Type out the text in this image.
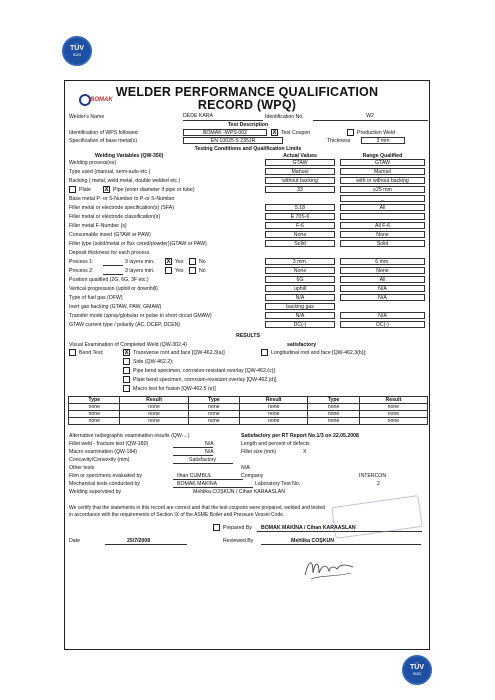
TÜV
SÜD
TÜV
SÜD
BOMAK
WELDER PERFORMANCE QUALIFICATION
RECORD (WPQ)
Welder's Name	DEDE KARA	Identification No.	W2
Test Description
Identification of WPS followed	BOMAK -WPS-002	X Test Coupon	Production Weld
Specification of base metal(s)	EN 10025 S 235JR	Thickness	3 mm
Testing Conditions and Qualification Limits
Welding Variables (QW-350)	Actual Values	Range Qualified
Welding process(es)	GTAW	GTAW
Type used (manual, semi-auto etc.)	Manuel	Manuel
Backing ( metal, weld metal, double welded etc.)	without backing	with or without backing
Plate X Pipe (enter diameter if pipe or tube)	33	≥25 mm
Base metal P- or S-Number to P-or S-Number	_
Filler metal or electrode specification(s) (SFA)	5.18	All
Filler metal or electrode classification(s)	E 70S-6
Filler metal F-Number (s)	F-6	All F-6
Consumable insert (GTAW or PAW)	None	None
Filler type (solid/metal or flux cored/powder)(GTAW or PAW)	Solid	Solid
Deposit thickness for each process
Process 1:	3 layers min. X Yes	No	3 mm.	6 mm.
Process 2:	3 layers min.	Yes	No	None	None
Position qualified (2G, 6G, 3F etc.)	6G	All
Vertical progression (uphill or downhill)	uphill	N/A
Type of fuel gas (OFW)	N/A	N/A
Inert gas backing (GTAW, PAW, GMAW)	backing gas
Transfer mode (spray/globular or pulse to short circuit GMAW)	N/A	N/A
GTAW current type / polarity (AC, DCEP, DCEN)	DC(-)	DC(-)
RESULTS
Visual Examination of Completed Weld (QW-302.4)	satisfactory
Bend Test;	X Transverse root and face [QW-462.3(a)]	Longitudinal root and face [QW-462.3(b)];
Side (QW-462.2);
Pipe bend specimen, corrosion-resistant overlay [QW-462.(c)]
Plate bend specimen, corrosion-resistant overlay [QW-462.(d)]
Macro test for fusion [QW-462.5 (e)]
Type	Result	Type	Result	Type	Result
none	none	none	none	none	none
none	none	none	none	none	none
none	none	none	none	none	none
Alternative radiographic examination results (QW-...)	Satisfactory per RT Report No.1/3 on 22.05.2008
Fillet weld - fracture test (QW-180)	N/A	Length and percent of defects
Macro examination (QW-184)	N/A	Fillet size (mm)	X
Concavity/Convexity (mm)	Satisfactory
Other tests	N/A
Film or specimens evaluated by	Ilhan CUMBUL	Company	INTERCON
Mechanical tests conducted by	BOMAK MAKINA	Laboratory Test No.	2
Welding supervised by	Mehlika COŞKUN / Cihan KARAASLAN
We certify that the statements in this record are correct and that the test coupons were prepared, welded and tested
in accordance with the requirements of Section IX of the ASME Boiler and Pressure Vessel Code.
Prepared By BOMAK MAKİNA / Cihan KARAASLAN
Date	25/7/2008	Reviewed By	Mehlika COŞKUN
